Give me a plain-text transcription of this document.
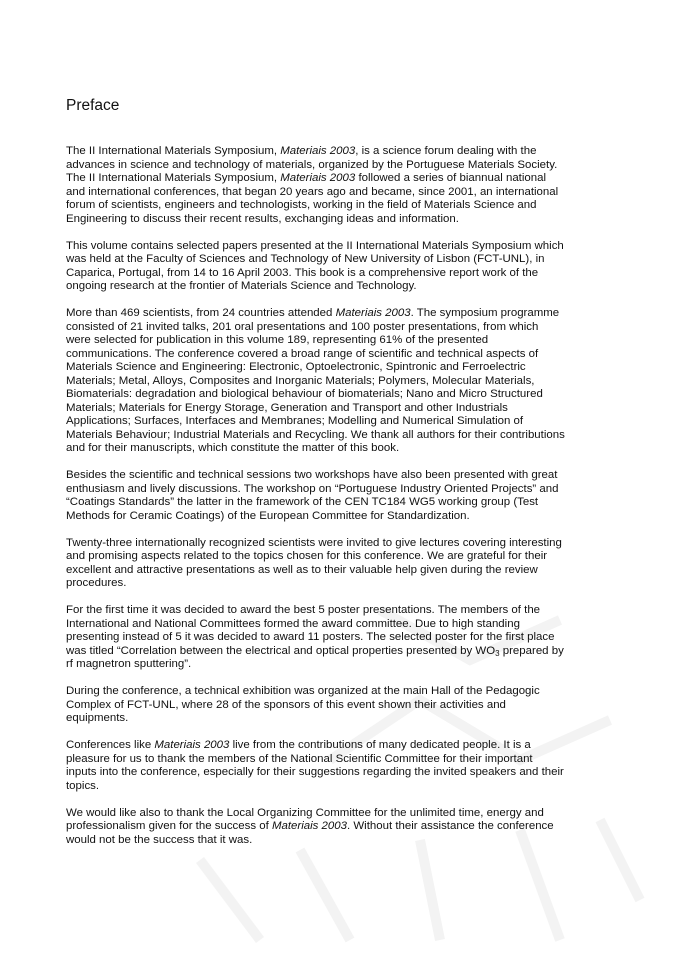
Preface
The II International Materials Symposium, Materiais 2003, is a science forum dealing with the
advances in science and technology of materials, organized by the Portuguese Materials Society.
The II International Materials Symposium, Materiais 2003 followed a series of biannual national
and international conferences, that began 20 years ago and became, since 2001, an international
forum of scientists, engineers and technologists, working in the field of Materials Science and
Engineering to discuss their recent results, exchanging ideas and information.
This volume contains selected papers presented at the II International Materials Symposium which
was held at the Faculty of Sciences and Technology of New University of Lisbon (FCT-UNL), in
Caparica, Portugal, from 14 to 16 April 2003. This book is a comprehensive report work of the
ongoing research at the frontier of Materials Science and Technology.
More than 469 scientists, from 24 countries attended Materiais 2003. The symposium programme
consisted of 21 invited talks, 201 oral presentations and 100 poster presentations, from which
were selected for publication in this volume 189, representing 61% of the presented
communications. The conference covered a broad range of scientific and technical aspects of
Materials Science and Engineering: Electronic, Optoelectronic, Spintronic and Ferroelectric
Materials; Metal, Alloys, Composites and Inorganic Materials; Polymers, Molecular Materials,
Biomaterials: degradation and biological behaviour of biomaterials; Nano and Micro Structured
Materials; Materials for Energy Storage, Generation and Transport and other Industrials
Applications; Surfaces, Interfaces and Membranes; Modelling and Numerical Simulation of
Materials Behaviour; Industrial Materials and Recycling. We thank all authors for their contributions
and for their manuscripts, which constitute the matter of this book.
Besides the scientific and technical sessions two workshops have also been presented with great
enthusiasm and lively discussions. The workshop on “Portuguese Industry Oriented Projects” and
“Coatings Standards” the latter in the framework of the CEN TC184 WG5 working group (Test
Methods for Ceramic Coatings) of the European Committee for Standardization.
Twenty-three internationally recognized scientists were invited to give lectures covering interesting
and promising aspects related to the topics chosen for this conference. We are grateful for their
excellent and attractive presentations as well as to their valuable help given during the review
procedures.
For the first time it was decided to award the best 5 poster presentations. The members of the
International and National Committees formed the award committee. Due to high standing
presenting instead of 5 it was decided to award 11 posters. The selected poster for the first place
was titled “Correlation between the electrical and optical properties presented by $WO_3$ prepared by
rf magnetron sputtering”.
During the conference, a technical exhibition was organized at the main Hall of the Pedagogic
Complex of FCT-UNL, where 28 of the sponsors of this event shown their activities and
equipments.
Conferences like Materiais 2003 live from the contributions of many dedicated people. It is a
pleasure for us to thank the members of the National Scientific Committee for their important
inputs into the conference, especially for their suggestions regarding the invited speakers and their
topics.
We would like also to thank the Local Organizing Committee for the unlimited time, energy and
professionalism given for the success of Materiais 2003. Without their assistance the conference
would not be the success that it was.
